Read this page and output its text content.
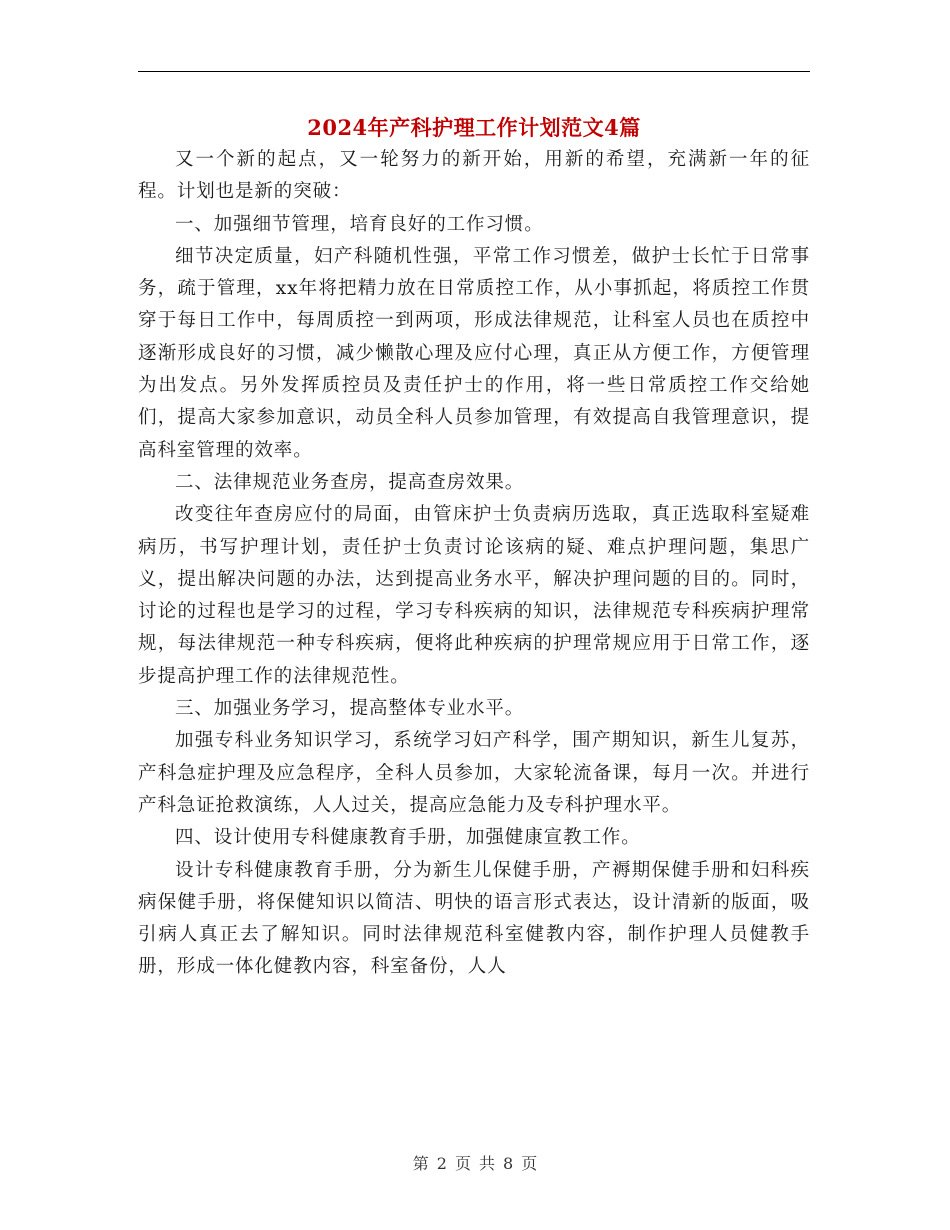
2024年产科护理工作计划范文4篇

又一个新的起点，又一轮努力的新开始，用新的希望，充满新一年的征程。计划也是新的突破：

一、加强细节管理，培育良好的工作习惯。

细节决定质量，妇产科随机性强，平常工作习惯差，做护士长忙于日常事务，疏于管理，xx年将把精力放在日常质控工作，从小事抓起，将质控工作贯穿于每日工作中，每周质控一到两项，形成法律规范，让科室人员也在质控中逐渐形成良好的习惯，减少懒散心理及应付心理，真正从方便工作，方便管理为出发点。另外发挥质控员及责任护士的作用，将一些日常质控工作交给她们，提高大家参加意识，动员全科人员参加管理，有效提高自我管理意识，提高科室管理的效率。

二、法律规范业务查房，提高查房效果。

改变往年查房应付的局面，由管床护士负责病历选取，真正选取科室疑难病历，书写护理计划，责任护士负责讨论该病的疑、难点护理问题，集思广义，提出解决问题的办法，达到提高业务水平，解决护理问题的目的。同时，讨论的过程也是学习的过程，学习专科疾病的知识，法律规范专科疾病护理常规，每法律规范一种专科疾病，便将此种疾病的护理常规应用于日常工作，逐步提高护理工作的法律规范性。

三、加强业务学习，提高整体专业水平。

加强专科业务知识学习，系统学习妇产科学，围产期知识，新生儿复苏，产科急症护理及应急程序，全科人员参加，大家轮流备课，每月一次。并进行产科急证抢救演练，人人过关，提高应急能力及专科护理水平。

四、设计使用专科健康教育手册，加强健康宣教工作。

设计专科健康教育手册，分为新生儿保健手册，产褥期保健手册和妇科疾病保健手册，将保健知识以简洁、明快的语言形式表达，设计清新的版面，吸引病人真正去了解知识。同时法律规范科室健教内容，制作护理人员健教手册，形成一体化健教内容，科室备份，人人

第 2 页 共 8 页
